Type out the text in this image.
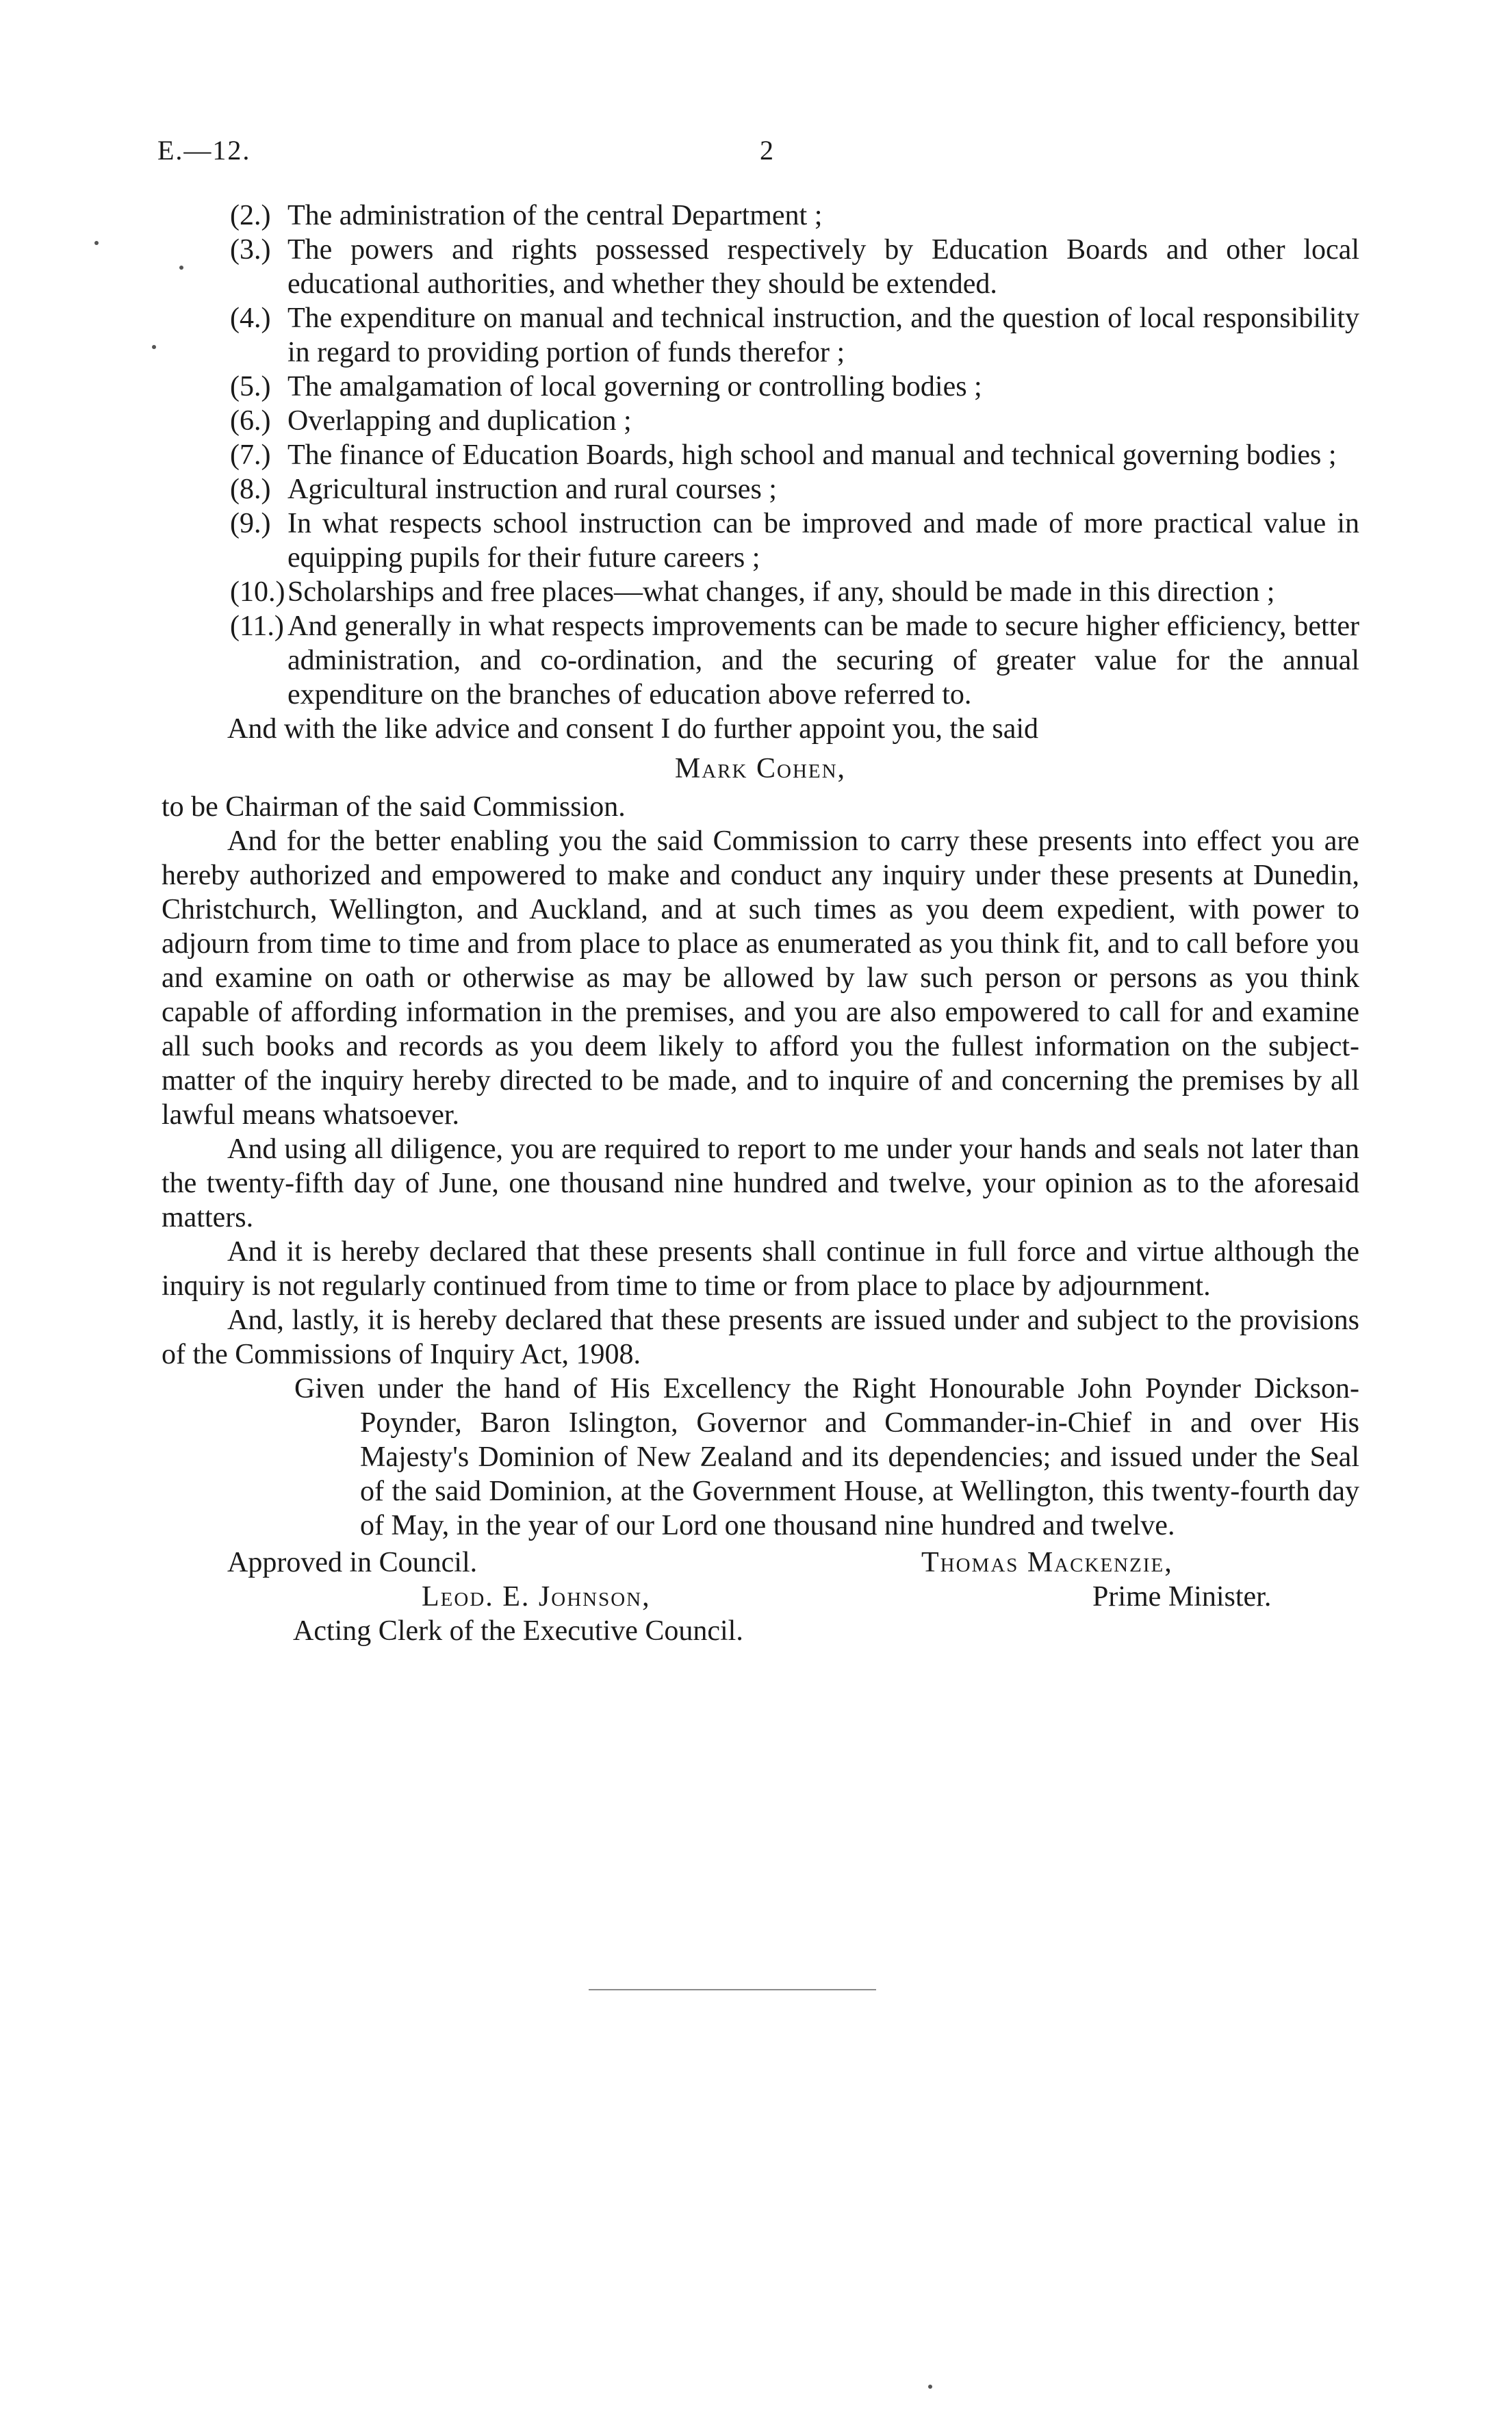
E.—12.	2
(2.) The administration of the central Department ;
(3.) The powers and rights possessed respectively by Education Boards and other local educational authorities, and whether they should be extended.
(4.) The expenditure on manual and technical instruction, and the question of local responsibility in regard to providing portion of funds therefor ;
(5.) The amalgamation of local governing or controlling bodies ;
(6.) Overlapping and duplication ;
(7.) The finance of Education Boards, high school and manual and technical governing bodies ;
(8.) Agricultural instruction and rural courses ;
(9.) In what respects school instruction can be improved and made of more practical value in equipping pupils for their future careers ;
(10.)Scholarships and free places—what changes, if any, should be made in this direction ;
(11.) And generally in what respects improvements can be made to secure higher efficiency, better administration, and co-ordination, and the securing of greater value for the annual expenditure on the branches of education above referred to.

And with the like advice and consent I do further appoint you, the said

Mark Cohen,

to be Chairman of the said Commission.

And for the better enabling you the said Commission to carry these presents into effect you are hereby authorized and empowered to make and conduct any inquiry under these presents at Dunedin, Christchurch, Wellington, and Auckland, and at such times as you deem expedient, with power to adjourn from time to time and from place to place as enumerated as you think fit, and to call before you and examine on oath or otherwise as may be allowed by law such person or persons as you think capable of affording information in the premises, and you are also empowered to call for and examine all such books and records as you deem likely to afford you the fullest information on the subject-matter of the inquiry hereby directed to be made, and to inquire of and concerning the premises by all lawful means whatsoever.

And using all diligence, you are required to report to me under your hands and seals not later than the twenty-fifth day of June, one thousand nine hundred and twelve, your opinion as to the aforesaid matters.

And it is hereby declared that these presents shall continue in full force and virtue although the inquiry is not regularly continued from time to time or from place to place by adjournment.

And, lastly, it is hereby declared that these presents are issued under and subject to the provisions of the Commissions of Inquiry Act, 1908.

Given under the hand of His Excellency the Right Honourable John Poynder Dickson-Poynder, Baron Islington, Governor and Commander-in-Chief in and over His Majesty's Dominion of New Zealand and its dependencies; and issued under the Seal of the said Dominion, at the Government House, at Wellington, this twenty-fourth day of May, in the year of our Lord one thousand nine hundred and twelve.

Approved in Council.
Leod. E. Johnson,
Acting Clerk of the Executive Council.
Thomas Mackenzie,
Prime Minister.
